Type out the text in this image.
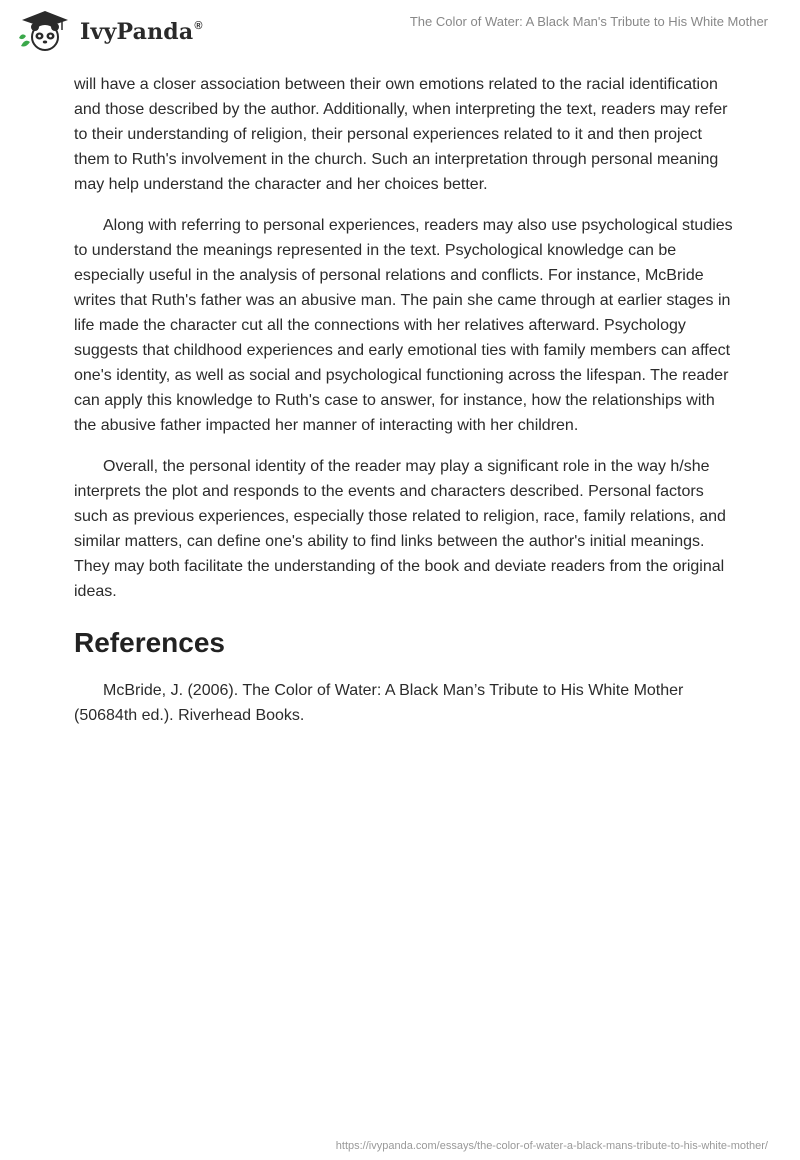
IvyPanda®	The Color of Water: A Black Man's Tribute to His White Mother

will have a closer association between their own emotions related to the racial identification and those described by the author. Additionally, when interpreting the text, readers may refer to their understanding of religion, their personal experiences related to it and then project them to Ruth's involvement in the church. Such an interpretation through personal meaning may help understand the character and her choices better.

Along with referring to personal experiences, readers may also use psychological studies to understand the meanings represented in the text. Psychological knowledge can be especially useful in the analysis of personal relations and conflicts. For instance, McBride writes that Ruth's father was an abusive man. The pain she came through at earlier stages in life made the character cut all the connections with her relatives afterward. Psychology suggests that childhood experiences and early emotional ties with family members can affect one's identity, as well as social and psychological functioning across the lifespan. The reader can apply this knowledge to Ruth's case to answer, for instance, how the relationships with the abusive father impacted her manner of interacting with her children.

Overall, the personal identity of the reader may play a significant role in the way h/she interprets the plot and responds to the events and characters described. Personal factors such as previous experiences, especially those related to religion, race, family relations, and similar matters, can define one's ability to find links between the author's initial meanings. They may both facilitate the understanding of the book and deviate readers from the original ideas.

References

McBride, J. (2006). The Color of Water: A Black Man’s Tribute to His White Mother (50684th ed.). Riverhead Books.

https://ivypanda.com/essays/the-color-of-water-a-black-mans-tribute-to-his-white-mother/
